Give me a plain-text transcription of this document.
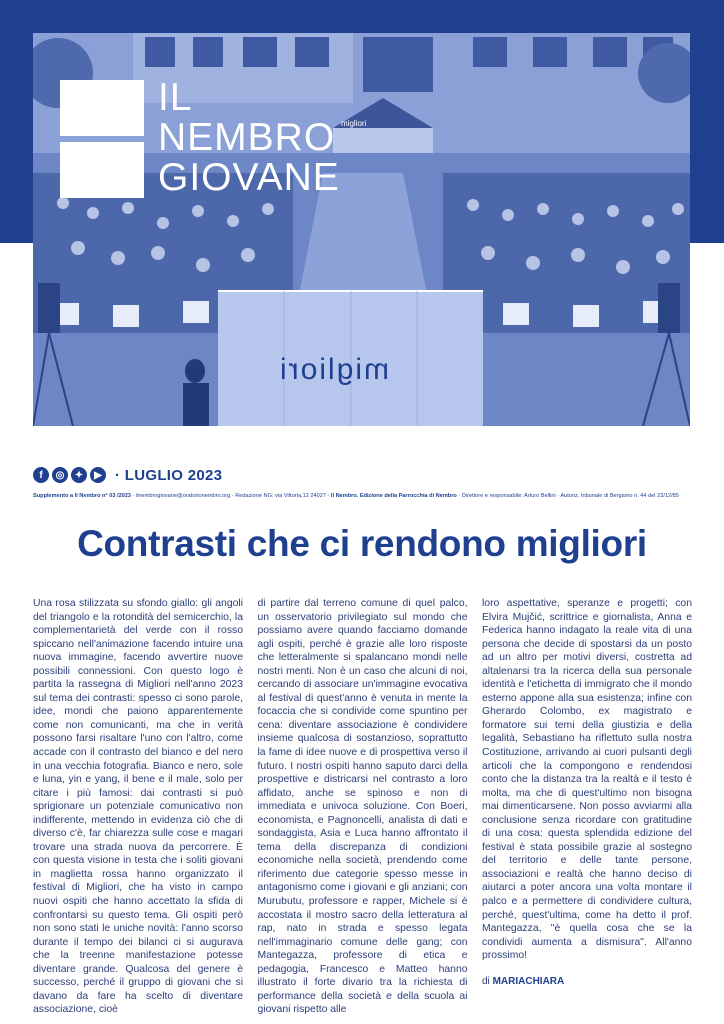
migliori
migliori
IL
NEMBRO
GIOVANE
f	◎	✦	▶ · LUGLIO 2023
Supplemento a Il Nembro n° 03 /2023 · ilnembrogiovane@oratorionembro.org · Redazione NG: via Vittoria,12 24027 · Il Nembro. Edizione della Parrocchia di Nembro · Direttore e responsabile: Arturo Bellini · Autoriz. tribunale di Bergamo n. 44 del 23/12/85
Contrasti che ci rendono migliori
Una rosa stilizzata su sfondo giallo: gli angoli del triangolo e la rotondità del semicerchio, la complementarietà del verde con il rosso spiccano nell'animazione facendo intuire una nuova immagine, facendo avvertire nuove possibili connessioni. Con questo logo è partita la rassegna di Migliori nell'anno 2023 sul tema dei contrasti: spesso ci sono parole, idee, mondi che paiono apparentemente come non comunicanti, ma che in verità possono farsi risaltare l'uno con l'altro, come accade con il contrasto del bianco e del nero in una vecchia fotografia. Bianco e nero, sole e luna, yin e yang, il bene e il male, solo per citare i più famosi: dai contrasti si può sprigionare un potenziale comunicativo non indifferente, mettendo in evidenza ciò che di diverso c'è, far chiarezza sulle cose e magari trovare una strada nuova da percorrere. È con questa visione in testa che i soliti giovani in maglietta rossa hanno organizzato il festival di Migliori, che ha visto in campo nuovi ospiti che hanno accettato la sfida di confrontarsi su questo tema. Gli ospiti però non sono stati le uniche novità: l'anno scorso durante il tempo dei bilanci ci si augurava che la treenne manifestazione potesse diventare grande. Qualcosa del genere è successo, perché il gruppo di giovani che si davano da fare ha scelto di diventare associazione, cioè
di partire dal terreno comune di quel palco, un osservatorio privilegiato sul mondo che possiamo avere quando facciamo domande agli ospiti, perché è grazie alle loro risposte che letteralmente si spalancano mondi nelle nostri menti. Non è un caso che alcuni di noi, cercando di associare un'immagine evocativa al festival di quest'anno è venuta in mente la focaccia che si condivide come spuntino per cena: diventare associazione è condividere insieme qualcosa di sostanzioso, soprattutto la fame di idee nuove e di prospettiva verso il futuro. I nostri ospiti hanno saputo darci della prospettive e districarsi nel contrasto a loro affidato, anche se spinoso e non di immediata e univoca soluzione. Con Boeri, economista, e Pagnoncelli, analista di dati e sondaggista, Asia e Luca hanno affrontato il tema della discrepanza di condizioni economiche nella società, prendendo come riferimento due categorie spesso messe in antagonismo come i giovani e gli anziani; con Murubutu, professore e rapper, Michele si è accostata il mostro sacro della letteratura al rap, nato in strada e spesso legata nell'immaginario comune delle gang; con Mantegazza, professore di etica e pedagogia, Francesco e Matteo hanno illustrato il forte divario tra la richiesta di performance della società e della scuola ai giovani rispetto alle
loro aspettative, speranze e progetti; con Elvira Mujčić, scrittrice e giornalista, Anna e Federica hanno indagato la reale vita di una persona che decide di spostarsi da un posto ad un altro per motivi diversi, costretta ad altalenarsi tra la ricerca della sua personale identità e l'etichetta di immigrato che il mondo esterno appone alla sua esistenza; infine con Gherardo Colombo, ex magistrato e formatore sui temi della giustizia e della legalità, Sebastiano ha riflettuto sulla nostra Costituzione, arrivando ai cuori pulsanti degli articoli che la compongono e rendendosi conto che la distanza tra la realtà e il testo è molta, ma che di quest'ultimo non bisogna mai dimenticarsene. Non posso avviarmi alla conclusione senza ricordare con gratitudine di una cosa: questa splendida edizione del festival è stata possibile grazie al sostegno del territorio e delle tante persone, associazioni e realtà che hanno deciso di aiutarci a poter ancora una volta montare il palco e a permettere di condividere cultura, perché, quest'ultima, come ha detto il prof. Mantegazza, "è quella cosa che se la condividi aumenta a dismisura". All'anno prossimo!
di MARIACHIARA
